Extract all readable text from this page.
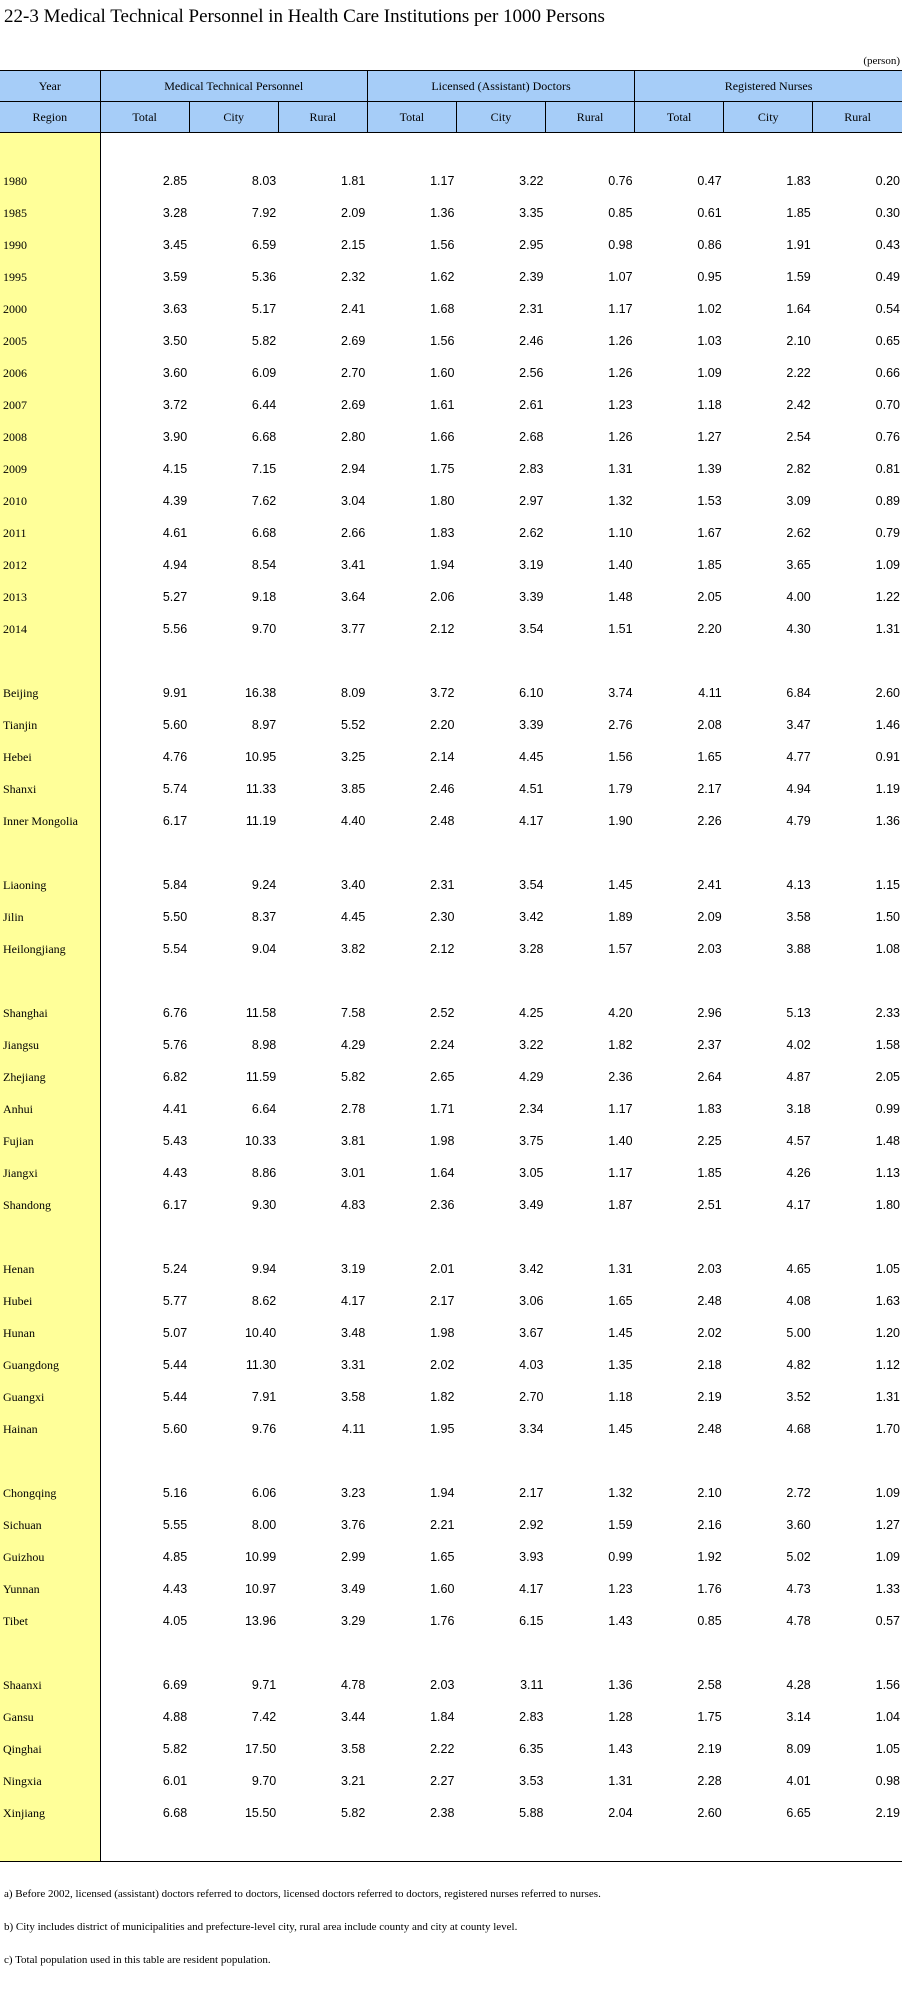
22-3 Medical Technical Personnel in Health Care Institutions per 1000 Persons
(person)
Year	Medical Technical Personnel			Licensed (Assistant) Doctors			Registered Nurses		
Region	Total	City	Rural	Total	City	Rural	Total	City	Rural

1980	2.85	8.03	1.81	1.17	3.22	0.76	0.47	1.83	0.20
1985	3.28	7.92	2.09	1.36	3.35	0.85	0.61	1.85	0.30
1990	3.45	6.59	2.15	1.56	2.95	0.98	0.86	1.91	0.43
1995	3.59	5.36	2.32	1.62	2.39	1.07	0.95	1.59	0.49
2000	3.63	5.17	2.41	1.68	2.31	1.17	1.02	1.64	0.54
2005	3.50	5.82	2.69	1.56	2.46	1.26	1.03	2.10	0.65
2006	3.60	6.09	2.70	1.60	2.56	1.26	1.09	2.22	0.66
2007	3.72	6.44	2.69	1.61	2.61	1.23	1.18	2.42	0.70
2008	3.90	6.68	2.80	1.66	2.68	1.26	1.27	2.54	0.76
2009	4.15	7.15	2.94	1.75	2.83	1.31	1.39	2.82	0.81
2010	4.39	7.62	3.04	1.80	2.97	1.32	1.53	3.09	0.89
2011	4.61	6.68	2.66	1.83	2.62	1.10	1.67	2.62	0.79
2012	4.94	8.54	3.41	1.94	3.19	1.40	1.85	3.65	1.09
2013	5.27	9.18	3.64	2.06	3.39	1.48	2.05	4.00	1.22
2014	5.56	9.70	3.77	2.12	3.54	1.51	2.20	4.30	1.31

Beijing	9.91	16.38	8.09	3.72	6.10	3.74	4.11	6.84	2.60
Tianjin	5.60	8.97	5.52	2.20	3.39	2.76	2.08	3.47	1.46
Hebei	4.76	10.95	3.25	2.14	4.45	1.56	1.65	4.77	0.91
Shanxi	5.74	11.33	3.85	2.46	4.51	1.79	2.17	4.94	1.19
Inner Mongolia	6.17	11.19	4.40	2.48	4.17	1.90	2.26	4.79	1.36

Liaoning	5.84	9.24	3.40	2.31	3.54	1.45	2.41	4.13	1.15
Jilin	5.50	8.37	4.45	2.30	3.42	1.89	2.09	3.58	1.50
Heilongjiang	5.54	9.04	3.82	2.12	3.28	1.57	2.03	3.88	1.08

Shanghai	6.76	11.58	7.58	2.52	4.25	4.20	2.96	5.13	2.33
Jiangsu	5.76	8.98	4.29	2.24	3.22	1.82	2.37	4.02	1.58
Zhejiang	6.82	11.59	5.82	2.65	4.29	2.36	2.64	4.87	2.05
Anhui	4.41	6.64	2.78	1.71	2.34	1.17	1.83	3.18	0.99
Fujian	5.43	10.33	3.81	1.98	3.75	1.40	2.25	4.57	1.48
Jiangxi	4.43	8.86	3.01	1.64	3.05	1.17	1.85	4.26	1.13
Shandong	6.17	9.30	4.83	2.36	3.49	1.87	2.51	4.17	1.80

Henan	5.24	9.94	3.19	2.01	3.42	1.31	2.03	4.65	1.05
Hubei	5.77	8.62	4.17	2.17	3.06	1.65	2.48	4.08	1.63
Hunan	5.07	10.40	3.48	1.98	3.67	1.45	2.02	5.00	1.20
Guangdong	5.44	11.30	3.31	2.02	4.03	1.35	2.18	4.82	1.12
Guangxi	5.44	7.91	3.58	1.82	2.70	1.18	2.19	3.52	1.31
Hainan	5.60	9.76	4.11	1.95	3.34	1.45	2.48	4.68	1.70

Chongqing	5.16	6.06	3.23	1.94	2.17	1.32	2.10	2.72	1.09
Sichuan	5.55	8.00	3.76	2.21	2.92	1.59	2.16	3.60	1.27
Guizhou	4.85	10.99	2.99	1.65	3.93	0.99	1.92	5.02	1.09
Yunnan	4.43	10.97	3.49	1.60	4.17	1.23	1.76	4.73	1.33
Tibet	4.05	13.96	3.29	1.76	6.15	1.43	0.85	4.78	0.57

Shaanxi	6.69	9.71	4.78	2.03	3.11	1.36	2.58	4.28	1.56
Gansu	4.88	7.42	3.44	1.84	2.83	1.28	1.75	3.14	1.04
Qinghai	5.82	17.50	3.58	2.22	6.35	1.43	2.19	8.09	1.05
Ningxia	6.01	9.70	3.21	2.27	3.53	1.31	2.28	4.01	0.98
Xinjiang	6.68	15.50	5.82	2.38	5.88	2.04	2.60	6.65	2.19

a) Before 2002, licensed (assistant) doctors referred to doctors, licensed doctors referred to doctors, registered nurses referred to nurses.

b) City includes district of municipalities and prefecture-level city, rural area include county and city at county level.

c) Total population used in this table are resident population.
